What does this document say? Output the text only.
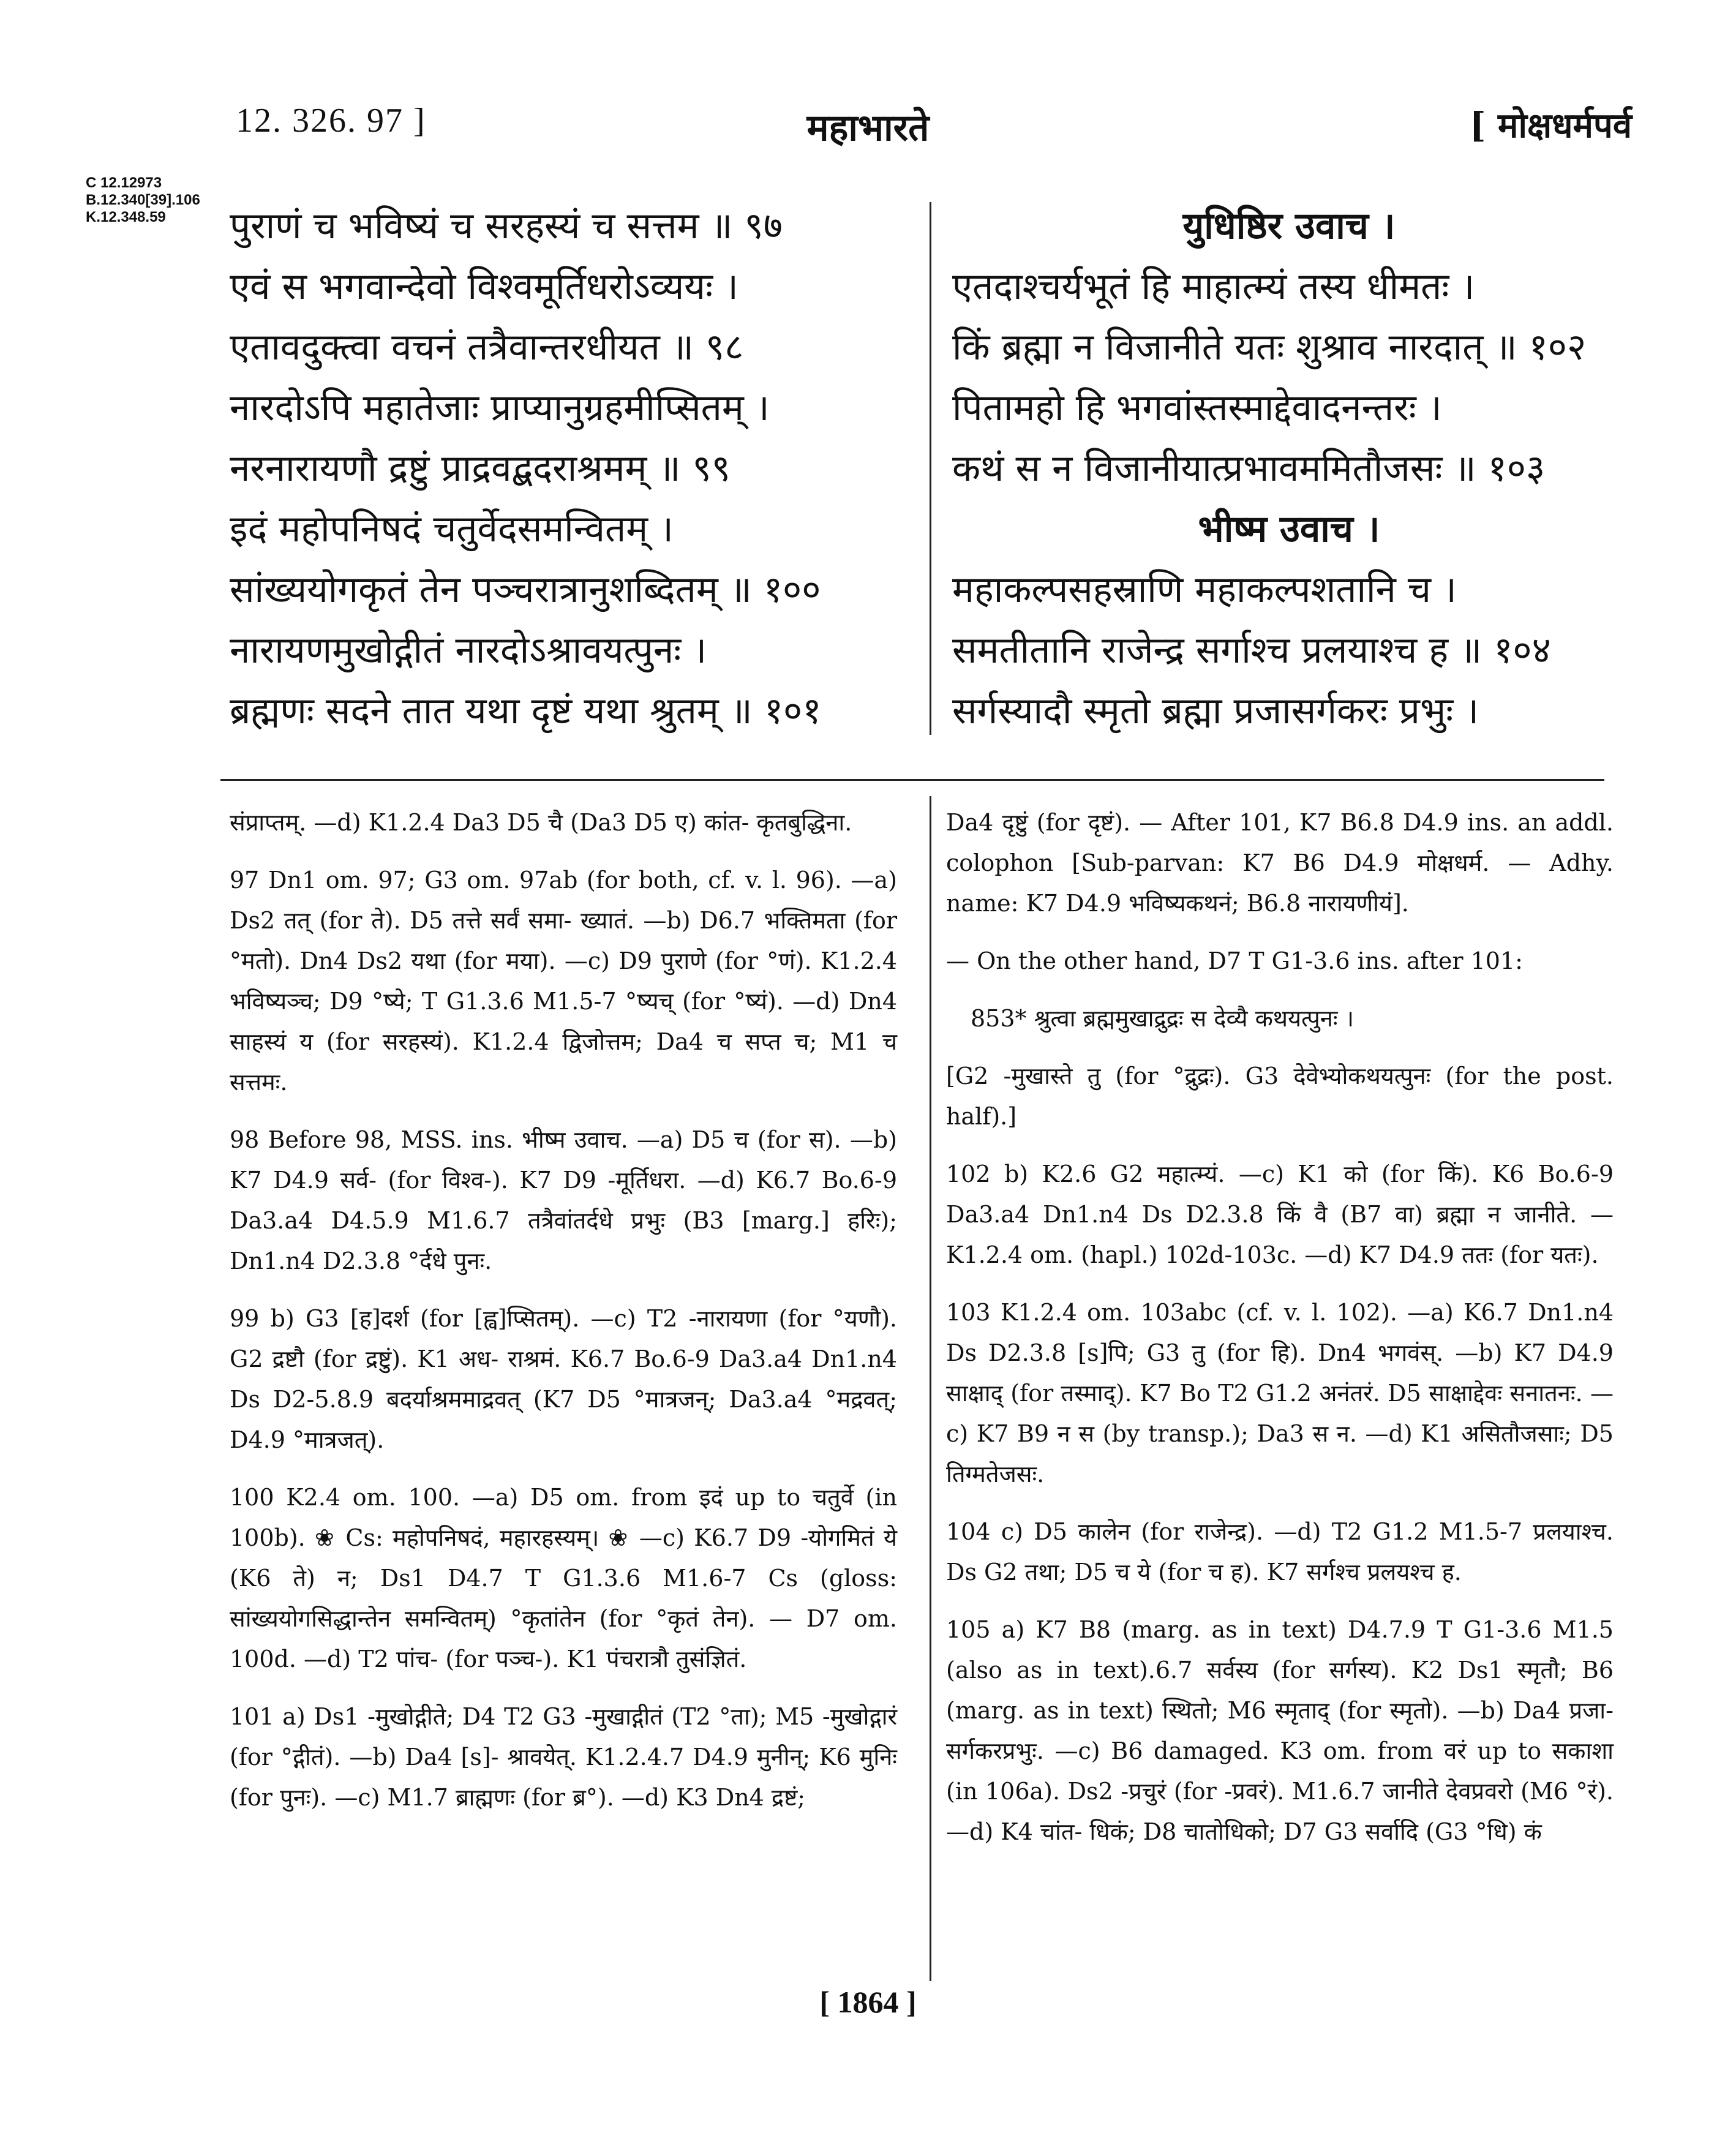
12. 326. 97 ]	महाभारते	[ मोक्षधर्मपर्व
C 12.12973
B.12.340[39].106
K.12.348.59	पुराणं च भविष्यं च सरहस्यं च सत्तम ॥ ९७
एवं स भगवान्देवो विश्वमूर्तिधरोऽव्ययः ।
एतावदुक्त्वा वचनं तत्रैवान्तरधीयत ॥ ९८
नारदोऽपि महातेजाः प्राप्यानुग्रहमीप्सितम् ।
नरनारायणौ द्रष्टुं प्राद्रवद्बदराश्रमम् ॥ ९९
इदं महोपनिषदं चतुर्वेदसमन्वितम् ।
सांख्ययोगकृतं तेन पञ्चरात्रानुशब्दितम् ॥ १००
नारायणमुखोद्गीतं नारदोऽश्रावयत्पुनः ।
ब्रह्मणः सदने तात यथा दृष्टं यथा श्रुतम् ॥ १०१
युधिष्ठिर उवाच ।
एतदाश्चर्यभूतं हि माहात्म्यं तस्य धीमतः ।
किं ब्रह्मा न विजानीते यतः शुश्राव नारदात् ॥ १०२
पितामहो हि भगवांस्तस्माद्देवादनन्तरः ।
कथं स न विजानीयात्प्रभावममितौजसः ॥ १०३
भीष्म उवाच ।
महाकल्पसहस्राणि महाकल्पशतानि च ।
समतीतानि राजेन्द्र सर्गाश्च प्रलयाश्च ह ॥ १०४
सर्गस्यादौ स्मृतो ब्रह्मा प्रजासर्गकरः प्रभुः ।

संप्राप्तम्. —d) K1.2.4 Da3 D5 चै (Da3 D5 ए) कांत- कृतबुद्धिना.

97 Dn1 om. 97; G3 om. 97ab (for both, cf. v. l. 96). —a) Ds2 तत् (for ते). D5 तत्ते सर्वं समा- ख्यातं. —b) D6.7 भक्तिमता (for °मतो). Dn4 Ds2 यथा (for मया). —c) D9 पुराणे (for °णं). K1.2.4 भविष्यञ्च; D9 °ष्ये; T G1.3.6 M1.5-7 °ष्यच् (for °ष्यं). —d) Dn4 साहस्यं य (for सरहस्यं). K1.2.4 द्विजोत्तम; Da4 च सप्त च; M1 च सत्तमः.

98 Before 98, MSS. ins. भीष्म उवाच. —a) D5 च (for स). —b) K7 D4.9 सर्व- (for विश्व-). K7 D9 -मूर्तिधरा. —d) K6.7 Bo.6-9 Da3.a4 D4.5.9 M1.6.7 तत्रैवांतर्दधे प्रभुः (B3 [marg.] हरिः); Dn1.n4 D2.3.8 °र्दधे पुनः.

99 b) G3 [ह]दर्श (for [ह्व]प्सितम्). —c) T2 -नारायणा (for °यणौ). G2 द्रष्टौ (for द्रष्टुं). K1 अध- राश्रमं. K6.7 Bo.6-9 Da3.a4 Dn1.n4 Ds D2-5.8.9 बदर्याश्रममाद्रवत् (K7 D5 °मात्रजन्; Da3.a4 °मद्रवत्; D4.9 °मात्रजत्).

100 K2.4 om. 100. —a) D5 om. from इदं up to चतुर्वे (in 100b). ❀ Cs: महोपनिषदं, महारहस्यम्। ❀ —c) K6.7 D9 -योगमितं ये (K6 ते) न; Ds1 D4.7 T G1.3.6 M1.6-7 Cs (gloss: सांख्ययोगसिद्धान्तेन समन्वितम्) °कृतांतेन (for °कृतं तेन). — D7 om. 100d. —d) T2 पांच- (for पञ्च-). K1 पंचरात्रौ तुसंज्ञितं.

101 a) Ds1 -मुखोद्गीते; D4 T2 G3 -मुखाद्गीतं (T2 °ता); M5 -मुखोद्गारं (for °द्गीतं). —b) Da4 [s]- श्रावयेत्. K1.2.4.7 D4.9 मुनीन्; K6 मुनिः (for पुनः). —c) M1.7 ब्राह्मणः (for ब्र°). —d) K3 Dn4 द्रष्टं;

Da4 दृष्टुं (for दृष्टं). — After 101, K7 B6.8 D4.9 ins. an addl. colophon [Sub-parvan: K7 B6 D4.9 मोक्षधर्म. — Adhy. name: K7 D4.9 भविष्यकथनं; B6.8 नारायणीयं].

— On the other hand, D7 T G1-3.6 ins. after 101:

853* श्रुत्वा ब्रह्ममुखाद्रुद्रः स देव्यै कथयत्पुनः ।

[G2 -मुखास्ते तु (for °द्रुद्रः). G3 देवेभ्योकथयत्पुनः (for the post. half).]

102 b) K2.6 G2 महात्म्यं. —c) K1 को (for किं). K6 Bo.6-9 Da3.a4 Dn1.n4 Ds D2.3.8 किं वै (B7 वा) ब्रह्मा न जानीते. — K1.2.4 om. (hapl.) 102d-103c. —d) K7 D4.9 ततः (for यतः).

103 K1.2.4 om. 103abc (cf. v. l. 102). —a) K6.7 Dn1.n4 Ds D2.3.8 [s]पि; G3 तु (for हि). Dn4 भगवंस्. —b) K7 D4.9 साक्षाद् (for तस्माद्). K7 Bo T2 G1.2 अनंतरं. D5 साक्षाद्देवः सनातनः. —c) K7 B9 न स (by transp.); Da3 स न. —d) K1 असितौजसाः; D5 तिग्मतेजसः.

104 c) D5 कालेन (for राजेन्द्र). —d) T2 G1.2 M1.5-7 प्रलयाश्च. Ds G2 तथा; D5 च ये (for च ह). K7 सर्गश्च प्रलयश्च ह.

105 a) K7 B8 (marg. as in text) D4.7.9 T G1-3.6 M1.5 (also as in text).6.7 सर्वस्य (for सर्गस्य). K2 Ds1 स्मृतौ; B6 (marg. as in text) स्थितो; M6 स्मृताद् (for स्मृतो). —b) Da4 प्रजा- सर्गकरप्रभुः. —c) B6 damaged. K3 om. from वरं up to सकाशा (in 106a). Ds2 -प्रचुरं (for -प्रवरं). M1.6.7 जानीते देवप्रवरो (M6 °रं). —d) K4 चांत- धिकं; D8 चातोधिको; D7 G3 सर्वादि (G3 °धि) कं

[ 1864 ]
